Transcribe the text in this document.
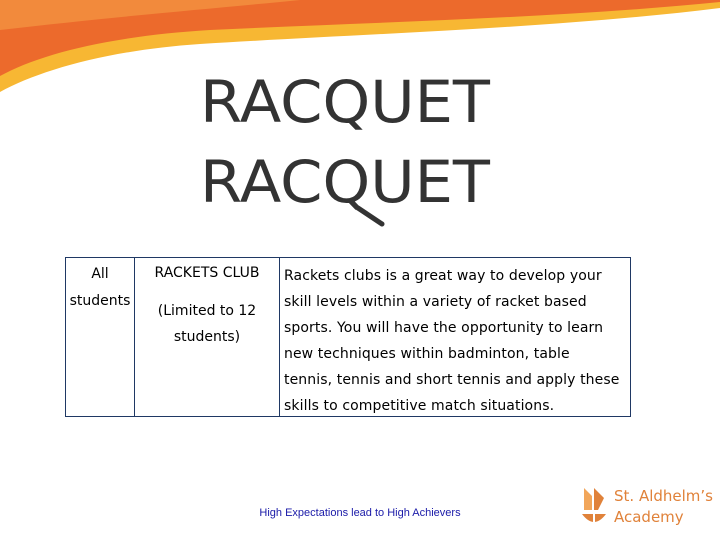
RACQUET
RACQUET
All
students
RACKETS CLUB
(Limited to 12
students)
Rackets clubs is a great way to develop your
skill levels within a variety of racket based
sports. You will have the opportunity to learn
new techniques within badminton, table
tennis, tennis and short tennis and apply these
skills to competitive match situations.
High Expectations lead to High Achievers
St. Aldhelm’s
Academy
